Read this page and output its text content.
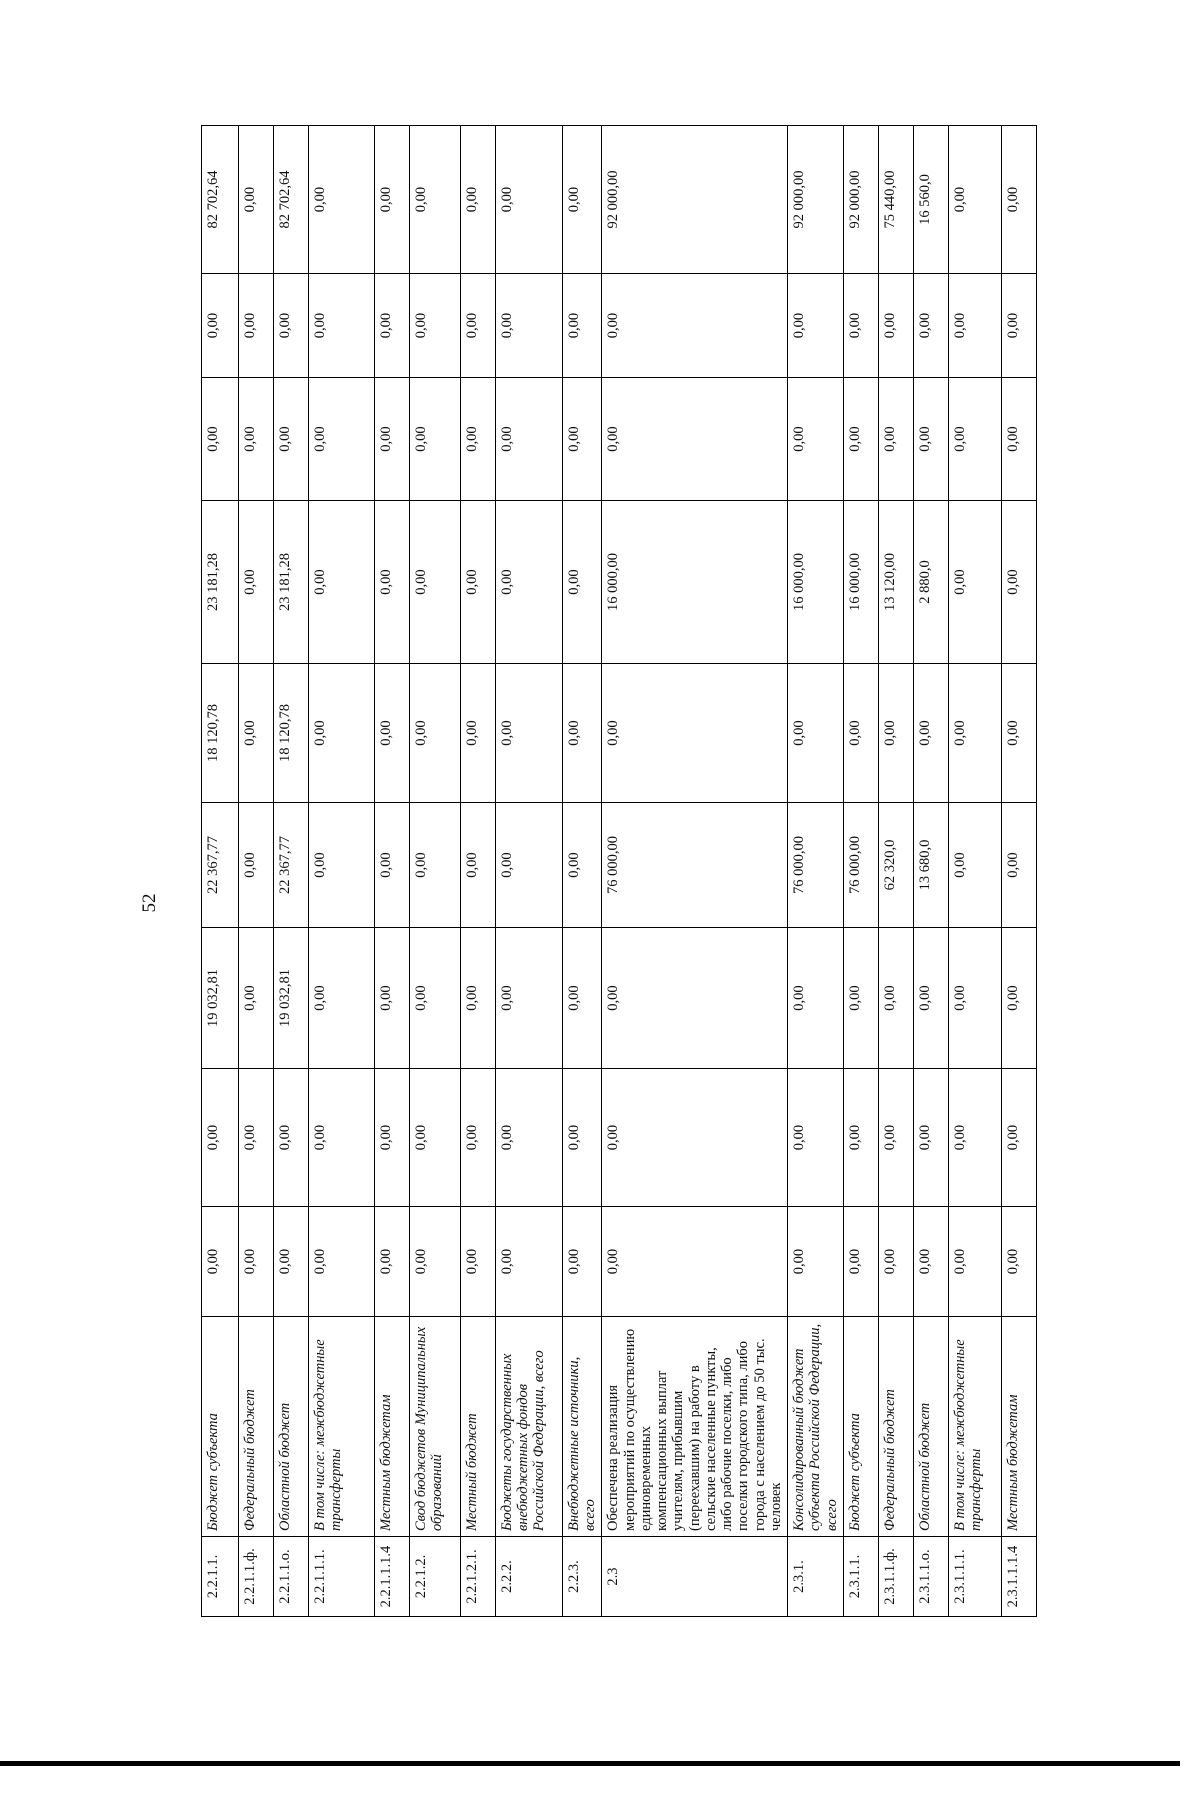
52
2.2.1.1.	Бюджет субъекта	0,00	0,00	19 032,81	22 367,77	18 120,78	23 181,28	0,00	0,00	82 702,64
2.2.1.1.ф.	Федеральный бюджет	0,00	0,00	0,00	0,00	0,00	0,00	0,00	0,00	0,00
2.2.1.1.о.	Областной бюджет	0,00	0,00	19 032,81	22 367,77	18 120,78	23 181,28	0,00	0,00	82 702,64
2.2.1.1.1.	В том числе: межбюджетные трансферты	0,00	0,00	0,00	0,00	0,00	0,00	0,00	0,00	0,00
2.2.1.1.1.4	Местным бюджетам	0,00	0,00	0,00	0,00	0,00	0,00	0,00	0,00	0,00
2.2.1.2.	Свод бюджетов Муниципальных образований	0,00	0,00	0,00	0,00	0,00	0,00	0,00	0,00	0,00
2.2.1.2.1.	Местный бюджет	0,00	0,00	0,00	0,00	0,00	0,00	0,00	0,00	0,00
2.2.2.	Бюджеты государственных внебюджетных фондов Российской Федерации, всего	0,00	0,00	0,00	0,00	0,00	0,00	0,00	0,00	0,00
2.2.3.	Внебюджетные источники, всего	0,00	0,00	0,00	0,00	0,00	0,00	0,00	0,00	0,00
2.3	Обеспечена реализация мероприятий по осуществлению единовременных компенсационных выплат учителям, прибывшим (переехавшим) на работу в сельские населенные пункты, либо рабочие поселки, либо поселки городского типа, либо города с населением до 50 тыс. человек	0,00	0,00	0,00	76 000,00	0,00	16 000,00	0,00	0,00	92 000,00
2.3.1.	Консолидированный бюджет субъекта Российской Федерации, всего	0,00	0,00	0,00	76 000,00	0,00	16 000,00	0,00	0,00	92 000,00
2.3.1.1.	Бюджет субъекта	0,00	0,00	0,00	76 000,00	0,00	16 000,00	0,00	0,00	92 000,00
2.3.1.1.ф.	Федеральный бюджет	0,00	0,00	0,00	62 320,0	0,00	13 120,00	0,00	0,00	75 440,00
2.3.1.1.о.	Областной бюджет	0,00	0,00	0,00	13 680,0	0,00	2 880,0	0,00	0,00	16 560,0
2.3.1.1.1.	В том числе: межбюджетные трансферты	0,00	0,00	0,00	0,00	0,00	0,00	0,00	0,00	0,00
2.3.1.1.1.4	Местным бюджетам	0,00	0,00	0,00	0,00	0,00	0,00	0,00	0,00	0,00
